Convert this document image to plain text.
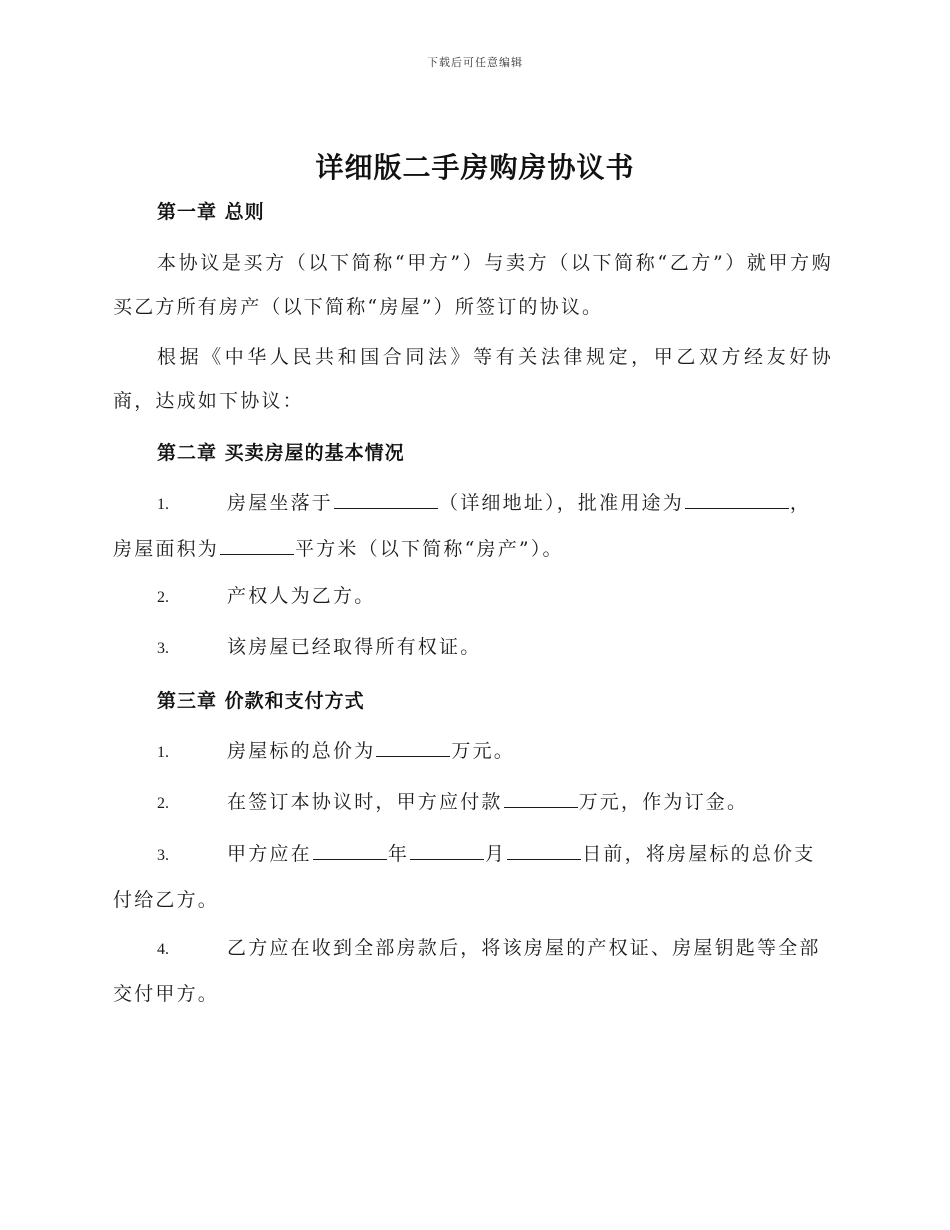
下载后可任意编辑
详细版二手房购房协议书
第一章 总则

本协议是买方（以下简称“甲方”）与卖方（以下简称“乙方”）就甲方购买乙方所有房产（以下简称“房屋”）所签订的协议。

根据《中华人民共和国合同法》等有关法律规定，甲乙双方经友好协商，达成如下协议：

第二章 买卖房屋的基本情况
1.	房屋坐落于	（详细地址），批准用途为	，
房屋面积为	平方米（以下简称“房产”）。
2.	产权人为乙方。
3.	该房屋已经取得所有权证。
第三章 价款和支付方式
1.	房屋标的总价为	万元。
2.	在签订本协议时，甲方应付款	万元，作为订金。
3.	甲方应在	年	月	日前，将房屋标的总价支
付给乙方。
4.	乙方应在收到全部房款后，将该房屋的产权证、房屋钥匙等全部
交付甲方。
